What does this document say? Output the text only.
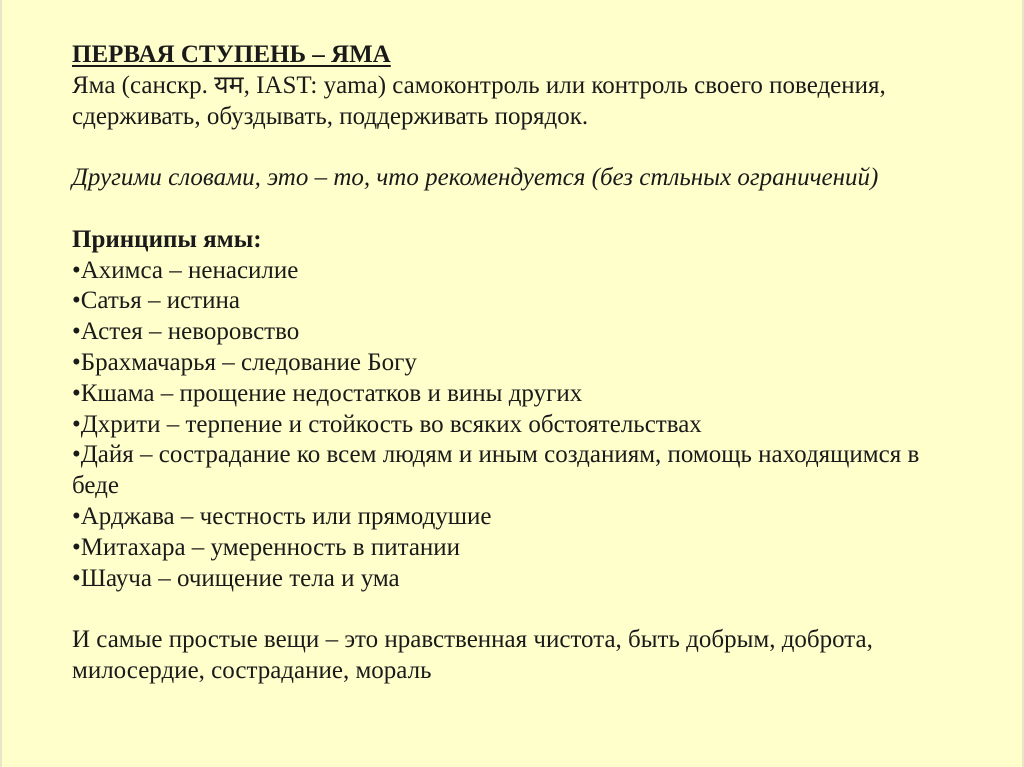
ПЕРВАЯ СТУПЕНЬ – ЯМА

Яма (санскр. यम, IAST: yama) самоконтроль или контроль своего поведения, сдерживать, обуздывать, поддерживать порядок.

Другими словами, это – то, что рекомендуется (без стльных ограничений)

Принципы ямы:

•Ахимса – ненасилие
•Сатья – истина
•Астея – неворовство
•Брахмачарья – следование Богу
•Кшама – прощение недостатков и вины других
•Дхрити – терпение и стойкость во всяких обстоятельствах
•Дайя – сострадание ко всем людям и иным созданиям, помощь находящимся в беде
•Арджава – честность или прямодушие
•Митахара – умеренность в питании
•Шауча – очищение тела и ума

И самые простые вещи – это нравственная чистота, быть добрым, доброта, милосердие, сострадание, мораль
